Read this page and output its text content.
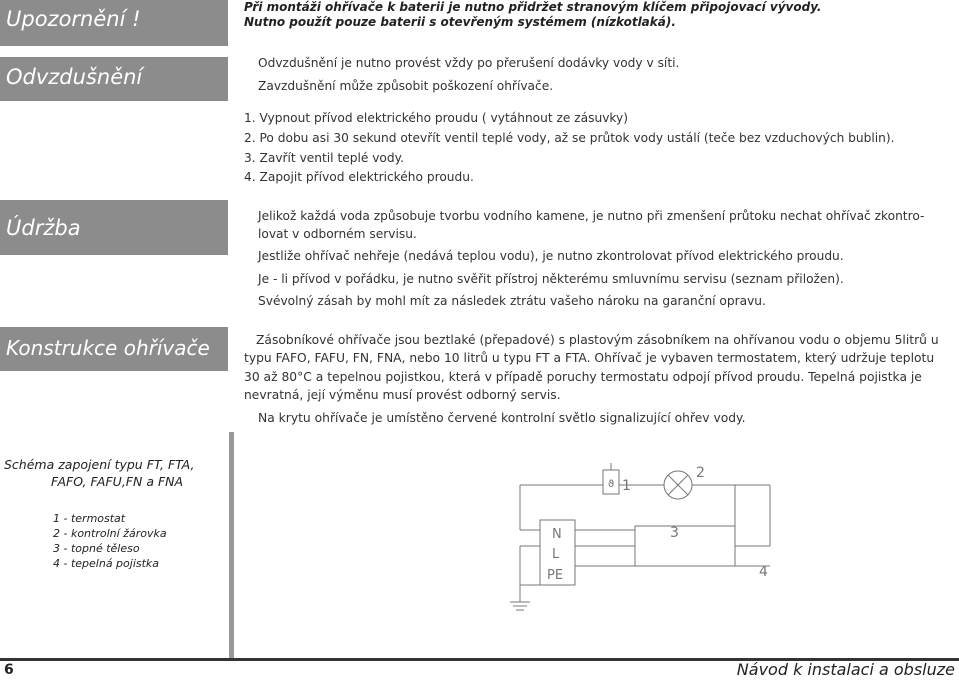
Upozornění !
Odvzdušnění
Údržba
Konstrukce ohřívače
Při montáži ohřívače k baterii je nutno přidržet stranovým klíčem připojovací vývody.
Nutno použít pouze baterii s otevřeným systémem (nízkotlaká).
Odvzdušnění je nutno provést vždy po přerušení dodávky vody v síti.
Zavzdušnění může způsobit poškození ohřívače.
1. Vypnout přívod elektrického proudu ( vytáhnout ze zásuvky)
2. Po dobu asi 30 sekund otevřít ventil teplé vody, až se průtok vody ustálí (teče bez vzduchových bublin).
3. Zavřít ventil teplé vody.
4. Zapojit přívod elektrického proudu.
Jelikož každá voda způsobuje tvorbu vodního kamene, je nutno při zmenšení průtoku nechat ohřívač zkontro-
lovat v odborném servisu.
Jestliže ohřívač nehřeje (nedává teplou vodu), je nutno zkontrolovat přívod elektrického proudu.
Je - li přívod v pořádku, je nutno svěřit přístroj některému smluvnímu servisu (seznam přiložen).
Svévolný zásah by mohl mít za následek ztrátu vašeho nároku na garanční opravu.
Zásobníkové ohřívače jsou beztlaké (přepadové) s plastovým zásobníkem na ohřívanou vodu o objemu 5litrů u
typu FAFO, FAFU, FN, FNA, nebo 10 litrů u typu FT a FTA. Ohřívač je vybaven termostatem, který udržuje teplotu
30 až 80°C a tepelnou pojistkou, která v případě poruchy termostatu odpojí přívod proudu. Tepelná pojistka je
nevratná, její výměnu musí provést odborný servis.
Na krytu ohřívače je umístěno červené kontrolní světlo signalizující ohřev vody.
Schéma zapojení typu FT, FTA,
FAFO, FAFU,FN a FNA
1 - termostat
2 - kontrolní žárovka
3 - topné těleso
4 - tepelná pojistka
ϑ 1
2
3
4
N
L
PE
6	Návod k instalaci a obsluze
